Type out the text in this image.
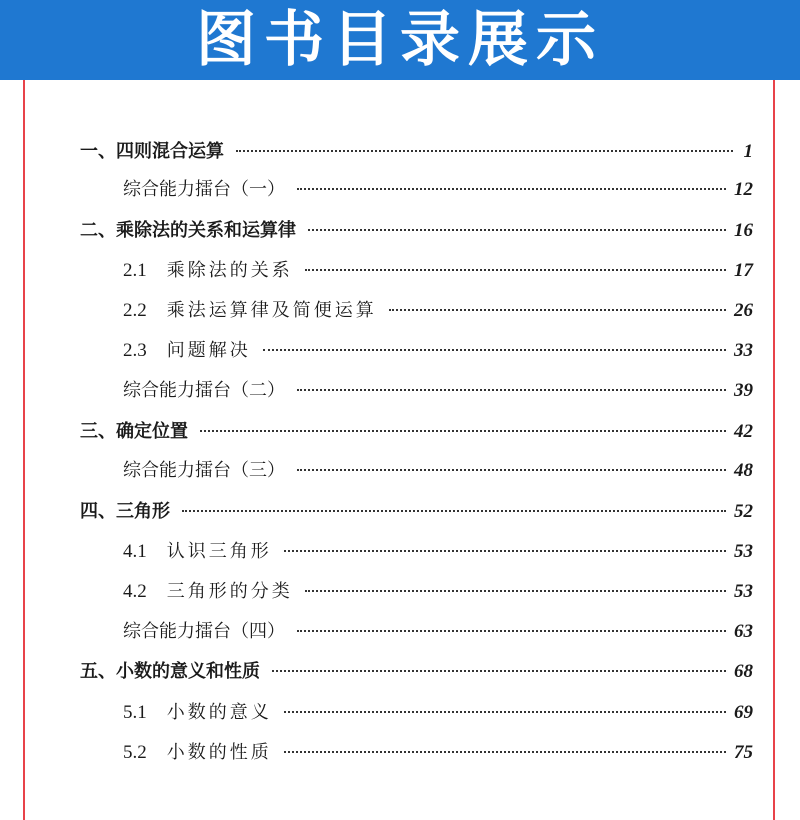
图书目录展示
一、四则混合运算	1
综合能力擂台（一）	12
二、乘除法的关系和运算律	16
2.1 乘除法的关系	17
2.2 乘法运算律及简便运算	26
2.3 问题解决	33
综合能力擂台（二）	39
三、确定位置	42
综合能力擂台（三）	48
四、三角形	52
4.1 认识三角形	53
4.2 三角形的分类	53
综合能力擂台（四）	63
五、小数的意义和性质	68
5.1 小数的意义	69
5.2 小数的性质	75
